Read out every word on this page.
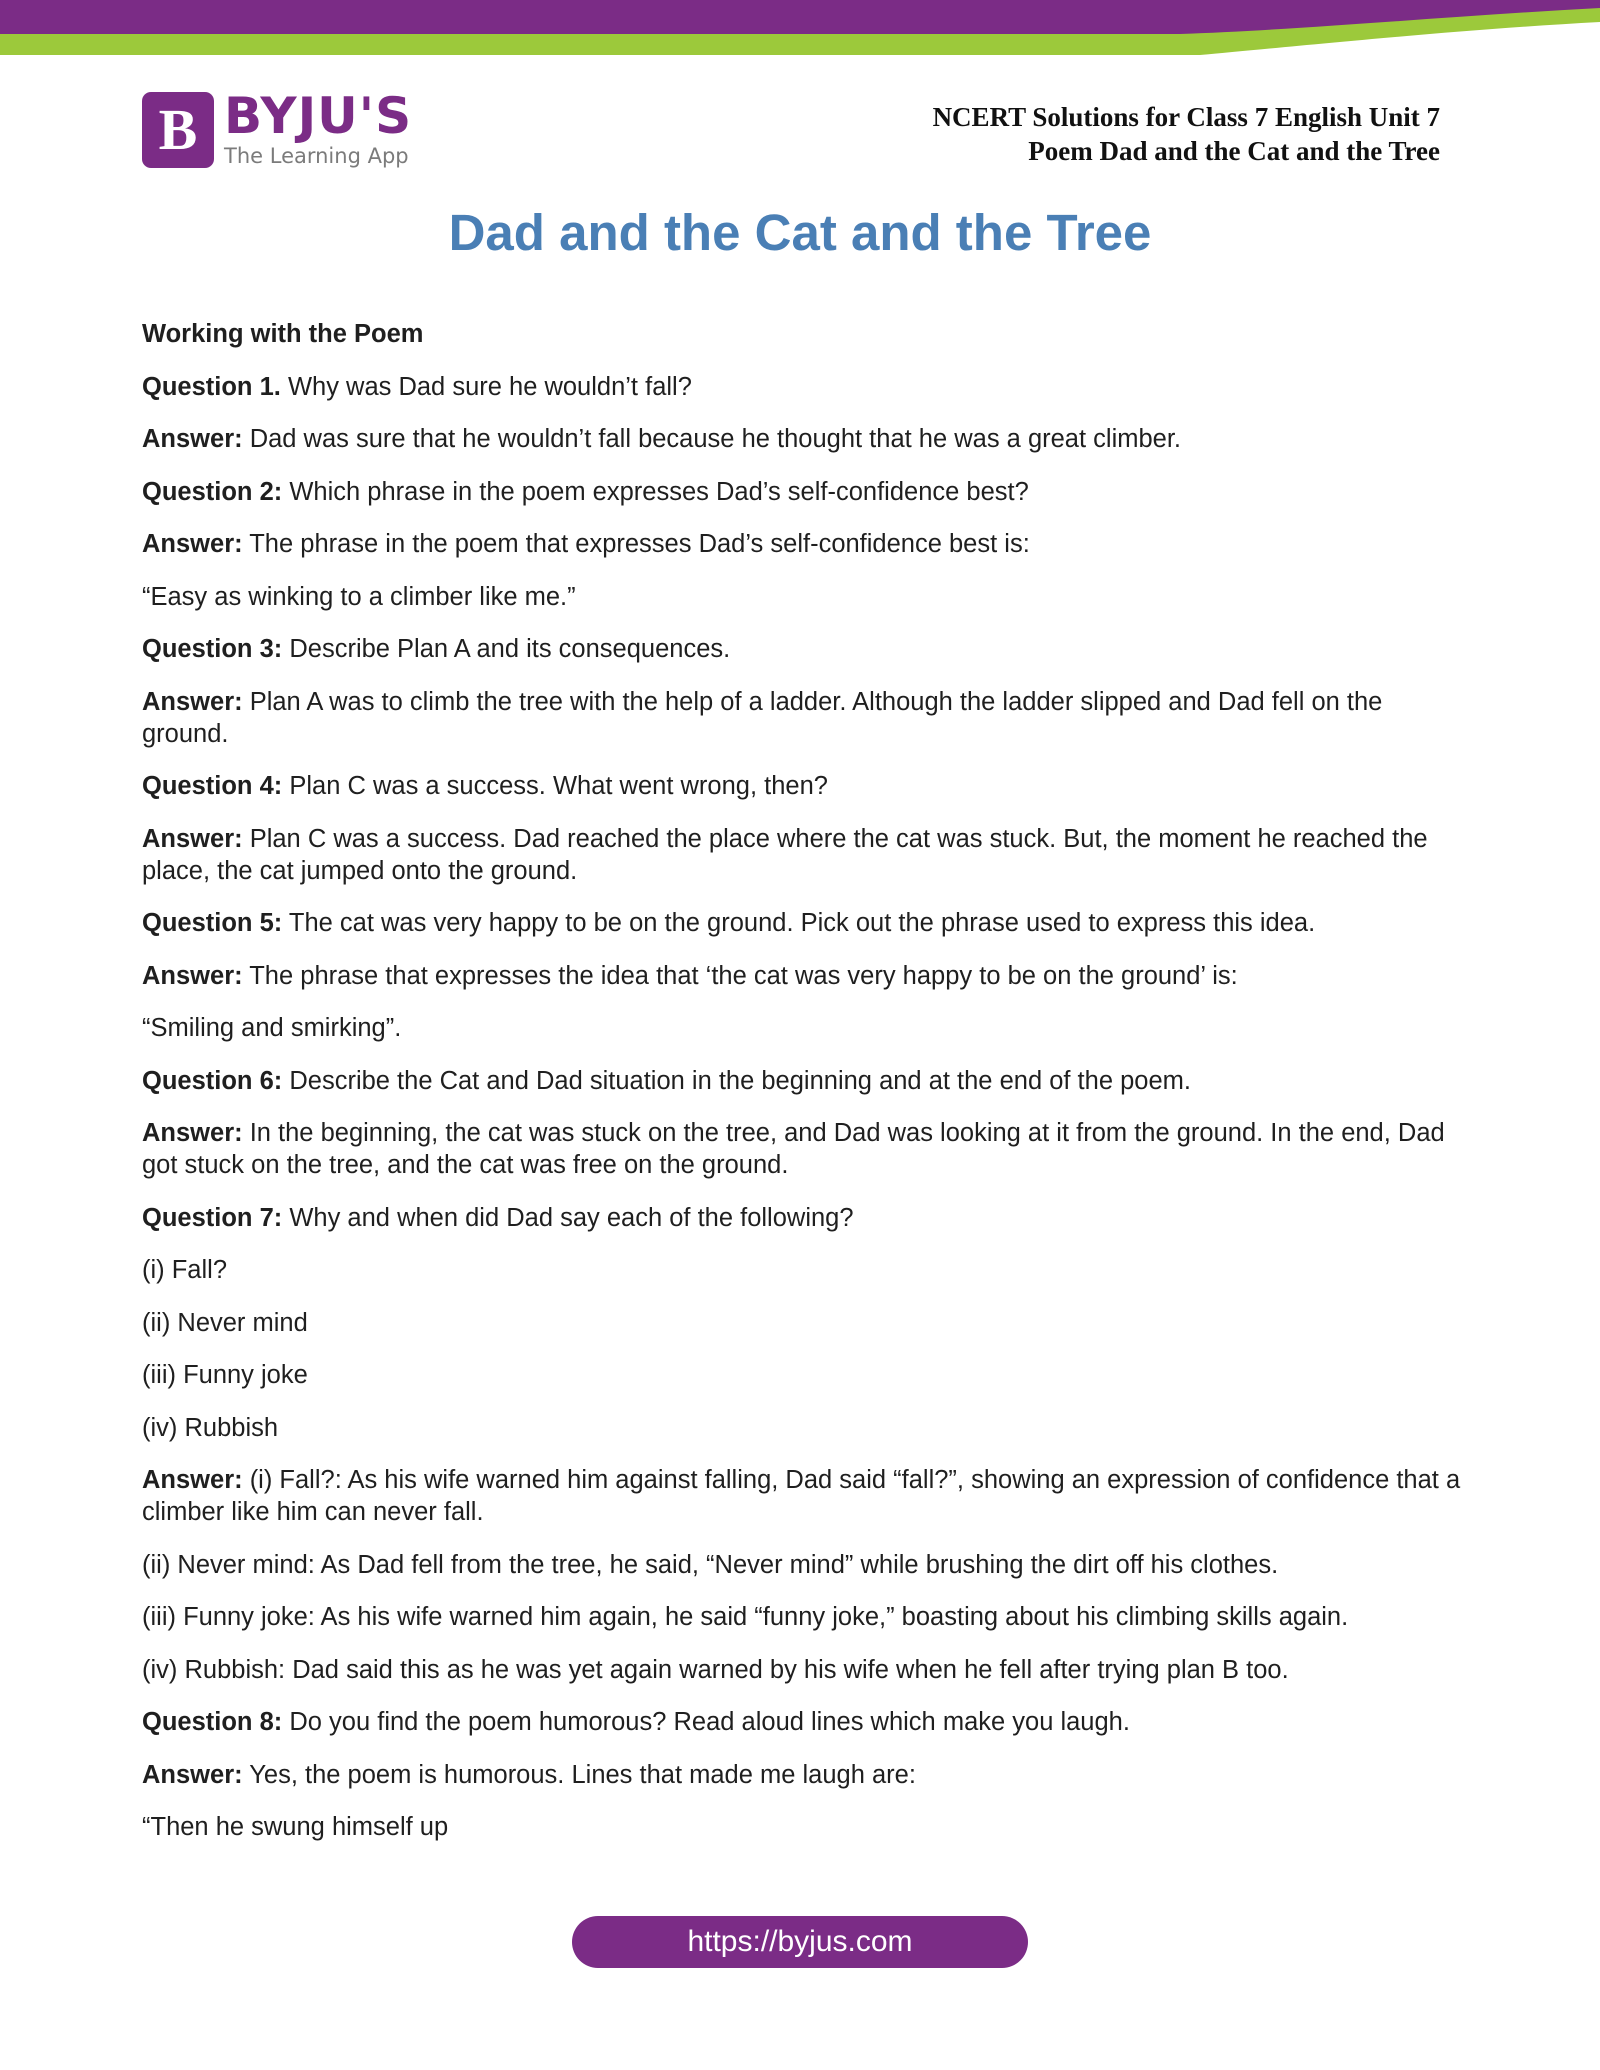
B BYJU'S
The Learning App
NCERT Solutions for Class 7 English Unit 7
Poem Dad and the Cat and the Tree
Dad and the Cat and the Tree

Working with the Poem

Question 1. Why was Dad sure he wouldn’t fall?

Answer: Dad was sure that he wouldn’t fall because he thought that he was a great climber.

Question 2: Which phrase in the poem expresses Dad’s self-confidence best?

Answer: The phrase in the poem that expresses Dad’s self-confidence best is:

“Easy as winking to a climber like me.”

Question 3: Describe Plan A and its consequences.

Answer: Plan A was to climb the tree with the help of a ladder. Although the ladder slipped and Dad fell on the ground.

Question 4: Plan C was a success. What went wrong, then?

Answer: Plan C was a success. Dad reached the place where the cat was stuck. But, the moment he reached the place, the cat jumped onto the ground.

Question 5: The cat was very happy to be on the ground. Pick out the phrase used to express this idea.

Answer: The phrase that expresses the idea that ‘the cat was very happy to be on the ground’ is:

“Smiling and smirking”.

Question 6: Describe the Cat and Dad situation in the beginning and at the end of the poem.

Answer: In the beginning, the cat was stuck on the tree, and Dad was looking at it from the ground. In the end, Dad got stuck on the tree, and the cat was free on the ground.

Question 7: Why and when did Dad say each of the following?

(i) Fall?

(ii) Never mind

(iii) Funny joke

(iv) Rubbish

Answer: (i) Fall?: As his wife warned him against falling, Dad said “fall?”, showing an expression of confidence that a climber like him can never fall.

(ii) Never mind: As Dad fell from the tree, he said, “Never mind” while brushing the dirt off his clothes.

(iii) Funny joke: As his wife warned him again, he said “funny joke,” boasting about his climbing skills again.

(iv) Rubbish: Dad said this as he was yet again warned by his wife when he fell after trying plan B too.

Question 8: Do you find the poem humorous? Read aloud lines which make you laugh.

Answer: Yes, the poem is humorous. Lines that made me laugh are:

“Then he swung himself up

https://byjus.com
